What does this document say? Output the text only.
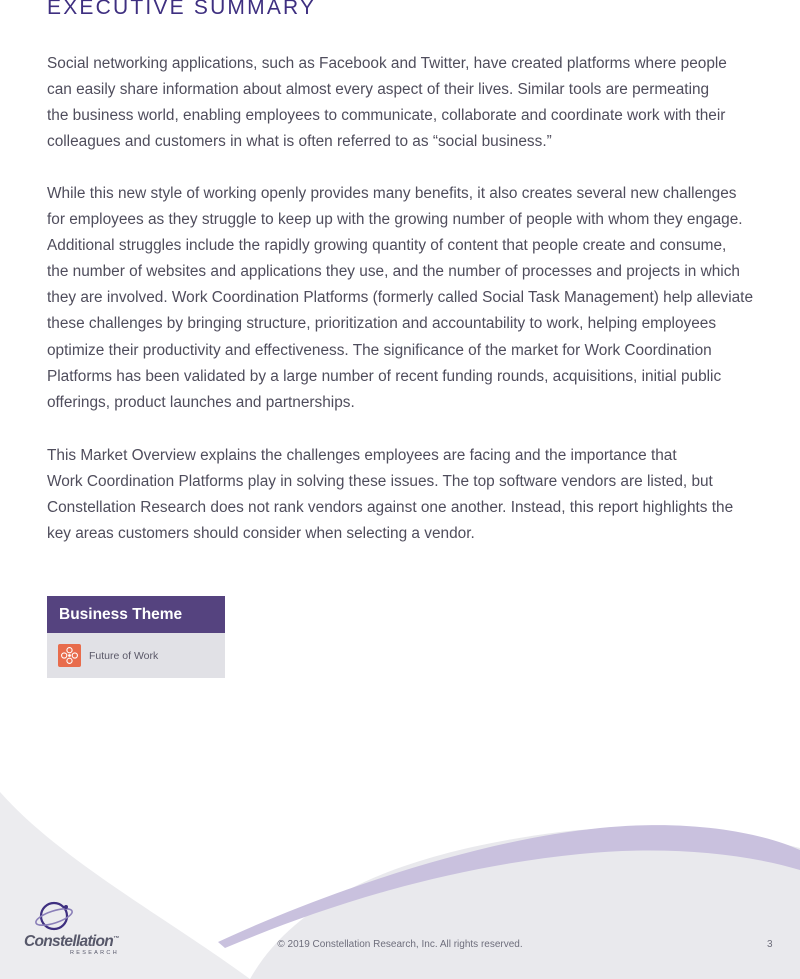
EXECUTIVE SUMMARY

Social networking applications, such as Facebook and Twitter, have created platforms where people
can easily share information about almost every aspect of their lives. Similar tools are permeating
the business world, enabling employees to communicate, collaborate and coordinate work with their
colleagues and customers in what is often referred to as “social business.”

While this new style of working openly provides many benefits, it also creates several new challenges
for employees as they struggle to keep up with the growing number of people with whom they engage.
Additional struggles include the rapidly growing quantity of content that people create and consume,
the number of websites and applications they use, and the number of processes and projects in which
they are involved. Work Coordination Platforms (formerly called Social Task Management) help alleviate
these challenges by bringing structure, prioritization and accountability to work, helping employees
optimize their productivity and effectiveness. The significance of the market for Work Coordination
Platforms has been validated by a large number of recent funding rounds, acquisitions, initial public
offerings, product launches and partnerships.

This Market Overview explains the challenges employees are facing and the importance that
Work Coordination Platforms play in solving these issues. The top software vendors are listed, but
Constellation Research does not rank vendors against one another. Instead, this report highlights the
key areas customers should consider when selecting a vendor.

Business Theme
Future of Work
Constellation™
RESEARCH
© 2019 Constellation Research, Inc. All rights reserved.	3
